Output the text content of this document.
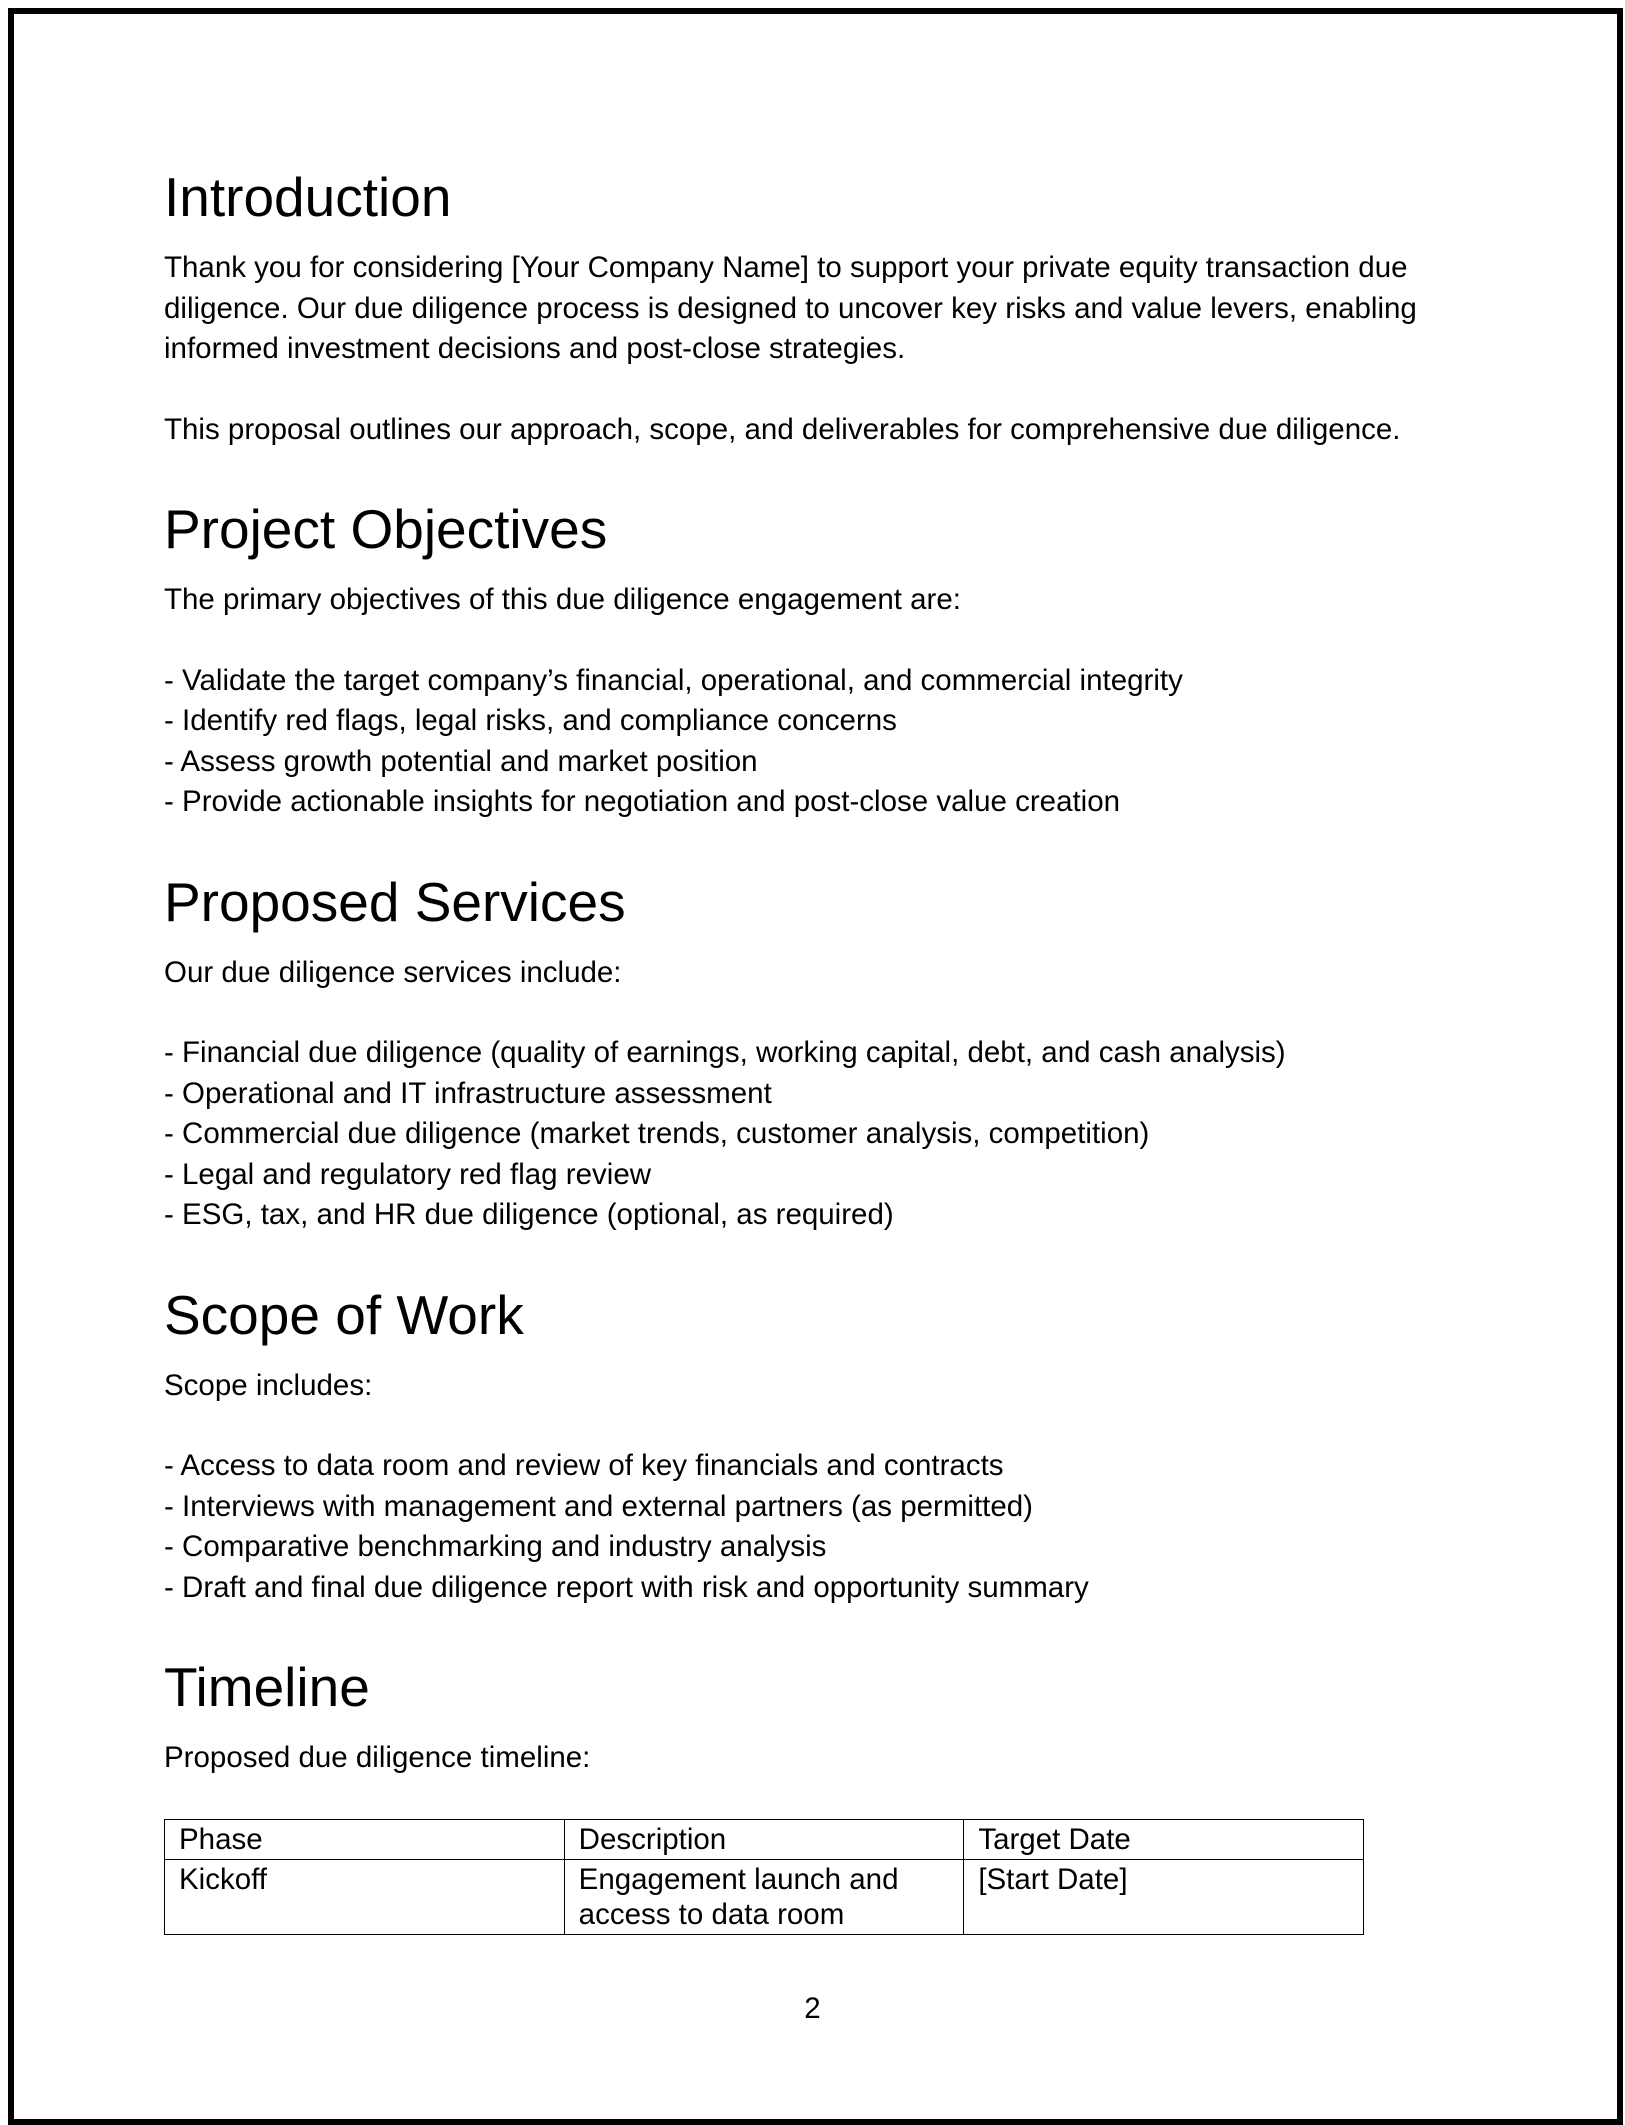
Introduction

Thank you for considering [Your Company Name] to support your private equity transaction due diligence. Our due diligence process is designed to uncover key risks and value levers, enabling informed investment decisions and post-close strategies.

This proposal outlines our approach, scope, and deliverables for comprehensive due diligence.

Project Objectives

The primary objectives of this due diligence engagement are:

- Validate the target company’s financial, operational, and commercial integrity
- Identify red flags, legal risks, and compliance concerns
- Assess growth potential and market position
- Provide actionable insights for negotiation and post-close value creation
Proposed Services

Our due diligence services include:

- Financial due diligence (quality of earnings, working capital, debt, and cash analysis)
- Operational and IT infrastructure assessment
- Commercial due diligence (market trends, customer analysis, competition)
- Legal and regulatory red flag review
- ESG, tax, and HR due diligence (optional, as required)
Scope of Work

Scope includes:

- Access to data room and review of key financials and contracts
- Interviews with management and external partners (as permitted)
- Comparative benchmarking and industry analysis
- Draft and final due diligence report with risk and opportunity summary
Timeline

Proposed due diligence timeline:

Phase	Description	Target Date
Kickoff	Engagement launch and access to data room	[Start Date]
2
